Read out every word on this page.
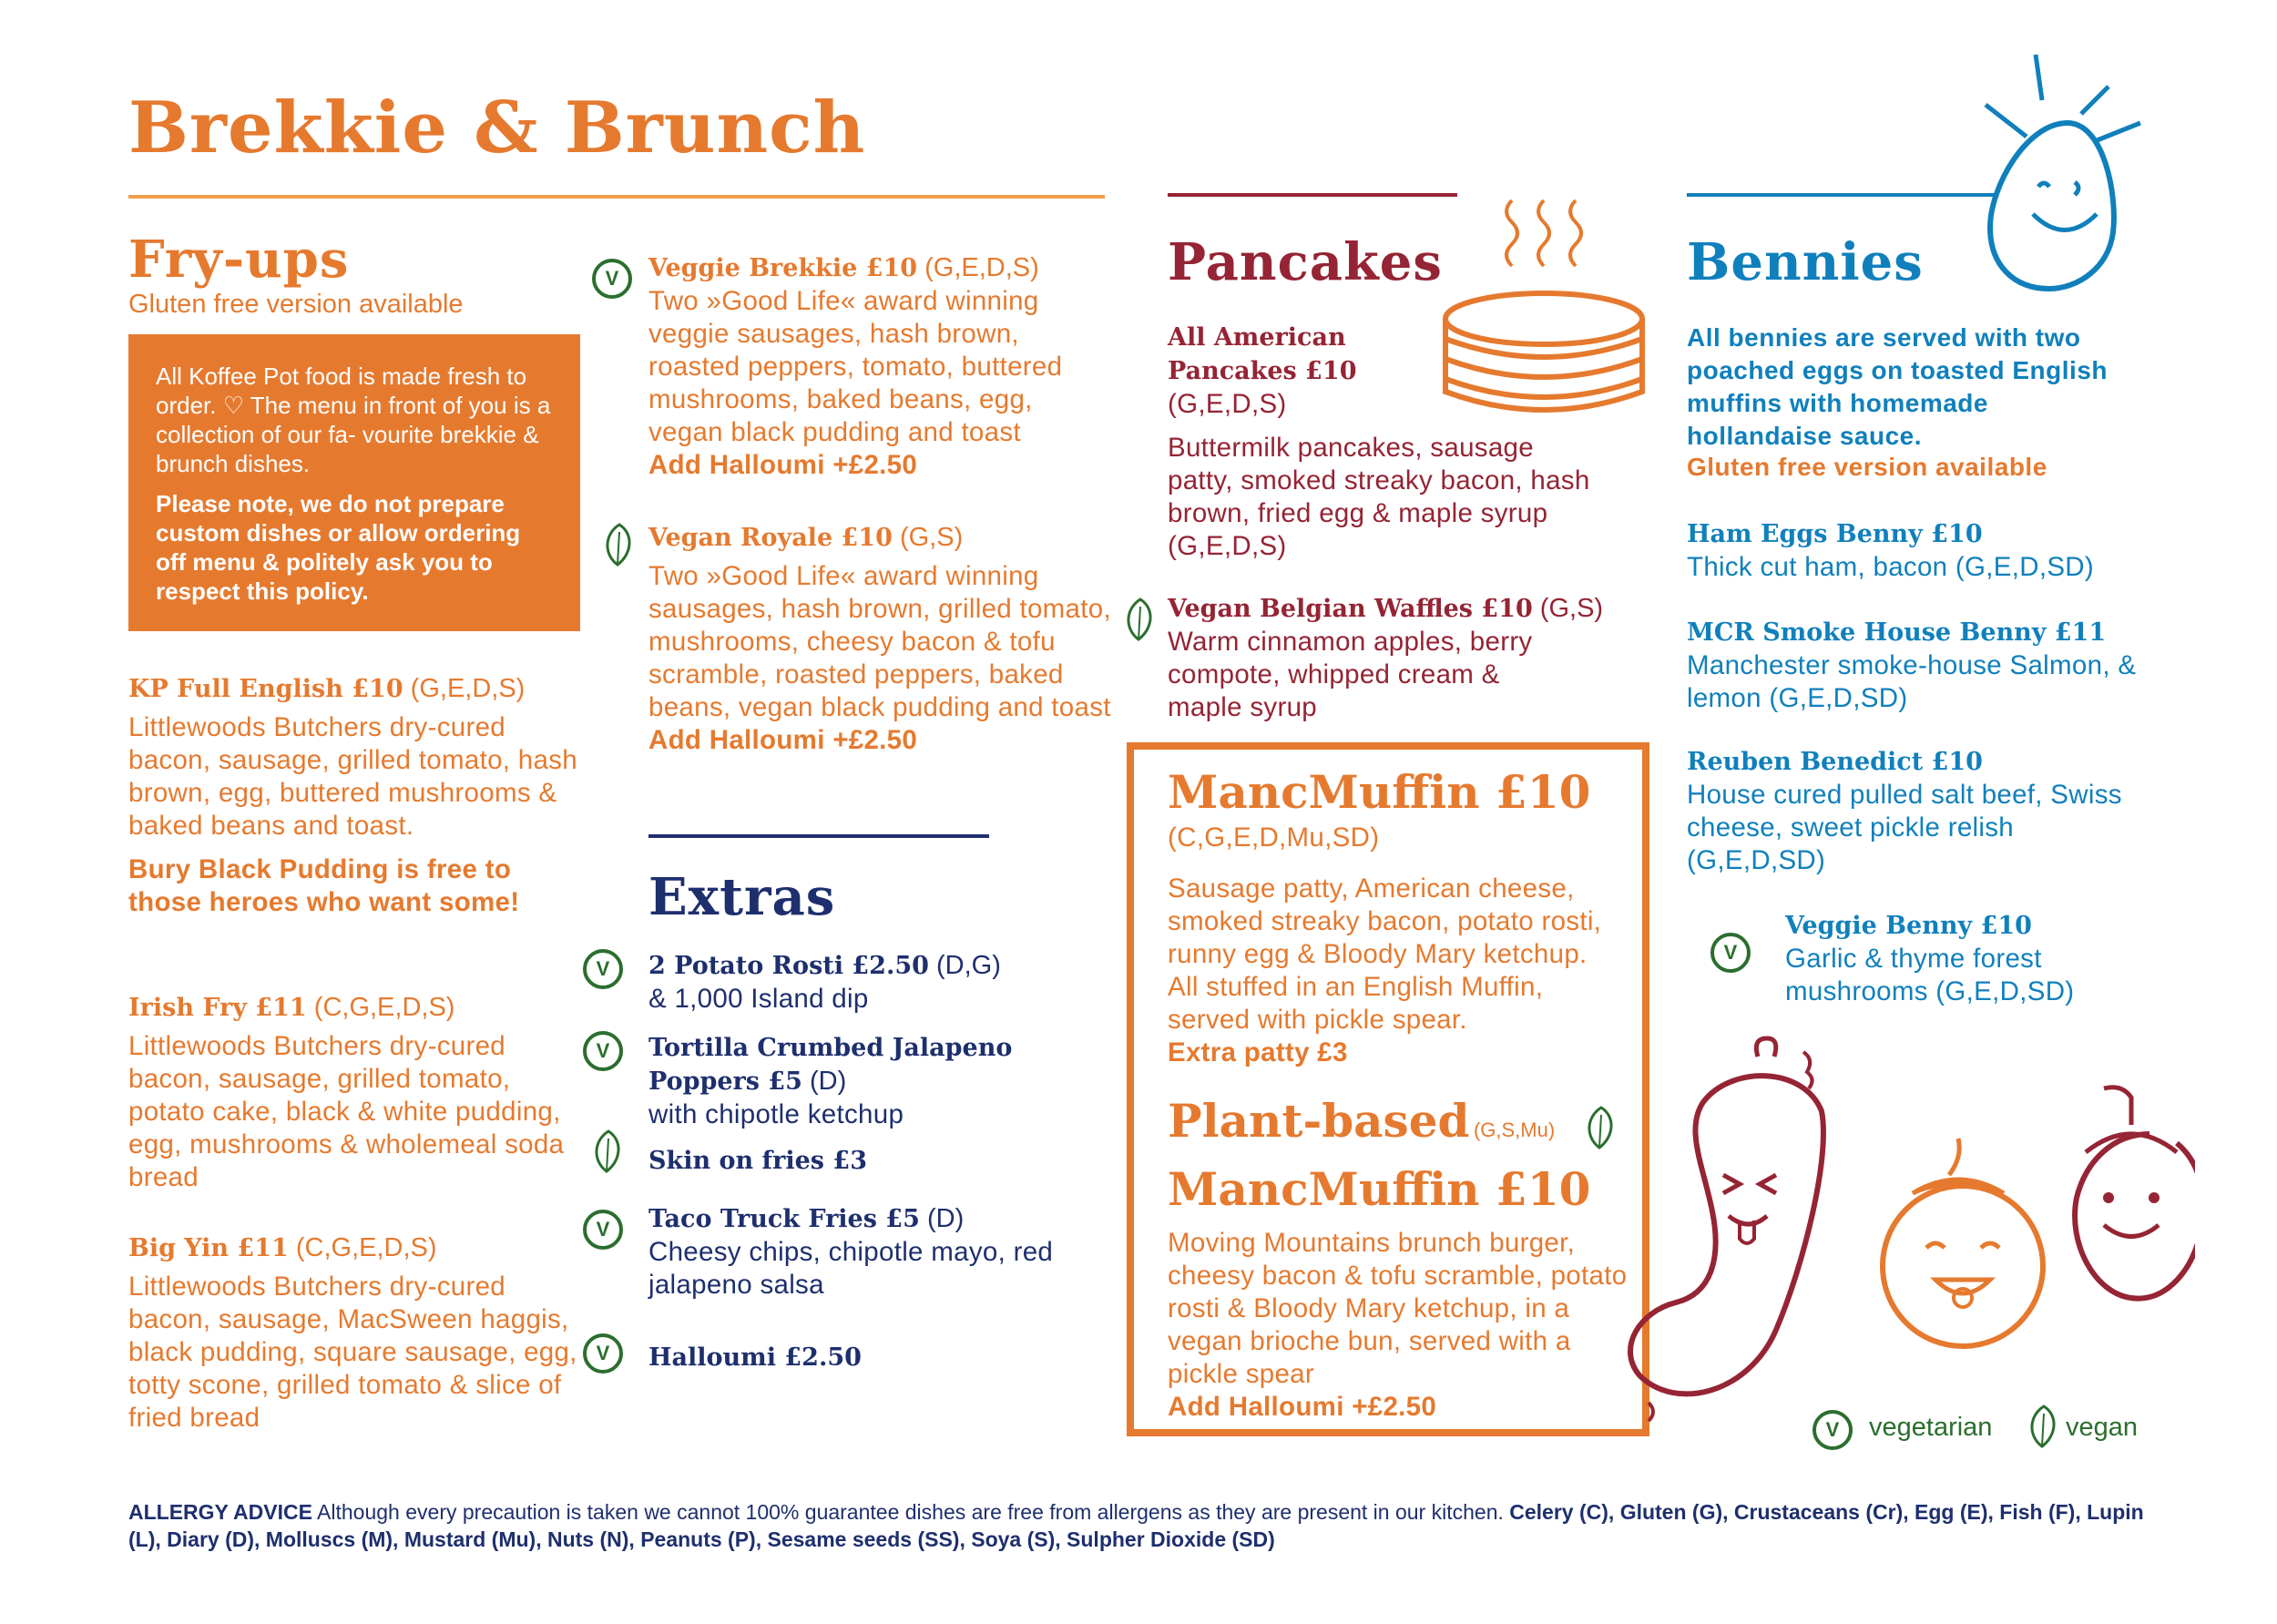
Brekkie & Brunch
Fry-ups
Gluten free version available

All Koffee Pot food is made fresh to order. ♡ The menu in front of you is a collection of our fa- vourite brekkie & brunch dishes.

Please note, we do not prepare custom dishes or allow ordering off menu & politely ask you to respect this policy.

KP Full English £10 (G,E,D,S)
Littlewoods Butchers dry-cured bacon, sausage, grilled tomato, hash brown, egg, buttered mushrooms & baked beans and toast.
Bury Black Pudding is free to those heroes who want some!
Irish Fry £11 (C,G,E,D,S)
Littlewoods Butchers dry-cured bacon, sausage, grilled tomato, potato cake, black & white pudding, egg, mushrooms & wholemeal soda bread
Big Yin £11 (C,G,E,D,S)
Littlewoods Butchers dry-cured bacon, sausage, MacSween haggis, black pudding, square sausage, egg, totty scone, grilled tomato & slice of fried bread
V	Veggie Brekkie £10 (G,E,D,S)
Two »Good Life« award winning veggie sausages, hash brown, roasted peppers, tomato, buttered mushrooms, baked beans, egg, vegan black pudding and toast
Add Halloumi +£2.50
Vegan Royale £10 (G,S)
Two »Good Life« award winning sausages, hash brown, grilled tomato, mushrooms, cheesy bacon & tofu scramble, roasted peppers, baked beans, vegan black pudding and toast
Add Halloumi +£2.50
Extras
V	2 Potato Rosti £2.50 (D,G)
& 1,000 Island dip
V	Tortilla Crumbed Jalapeno Poppers £5 (D)
with chipotle ketchup
Skin on fries £3
V	Taco Truck Fries £5 (D)
Cheesy chips, chipotle mayo, red jalapeno salsa
V	Halloumi £2.50
Pancakes
All American Pancakes £10
(G,E,D,S)
Buttermilk pancakes, sausage patty, smoked streaky bacon, hash brown, fried egg & maple syrup (G,E,D,S)
Vegan Belgian Waffles £10 (G,S)
Warm cinnamon apples, berry compote, whipped cream & maple syrup
MancMuffin £10
(C,G,E,D,Mu,SD)
Sausage patty, American cheese, smoked streaky bacon, potato rosti, runny egg & Bloody Mary ketchup. All stuffed in an English Muffin, served with pickle spear.
Extra patty £3
Plant-based (G,S,Mu)
MancMuffin £10
Moving Mountains brunch burger, cheesy bacon & tofu scramble, potato rosti & Bloody Mary ketchup, in a vegan brioche bun, served with a pickle spear
Add Halloumi +£2.50
Bennies
All bennies are served with two poached eggs on toasted English muffins with homemade hollandaise sauce.
Gluten free version available
Ham Eggs Benny £10
Thick cut ham, bacon (G,E,D,SD)
MCR Smoke House Benny £11
Manchester smoke-house Salmon, & lemon (G,E,D,SD)
Reuben Benedict £10
House cured pulled salt beef, Swiss cheese, sweet pickle relish (G,E,D,SD)
V
Veggie Benny £10
Garlic & thyme forest mushrooms (G,E,D,SD)
V	vegetarian	vegan
ALLERGY ADVICE Although every precaution is taken we cannot 100% guarantee dishes are free from allergens as they are present in our kitchen. Celery (C), Gluten (G), Crustaceans (Cr), Egg (E), Fish (F), Lupin (L), Diary (D), Molluscs (M), Mustard (Mu), Nuts (N), Peanuts (P), Sesame seeds (SS), Soya (S), Sulpher Dioxide (SD)
